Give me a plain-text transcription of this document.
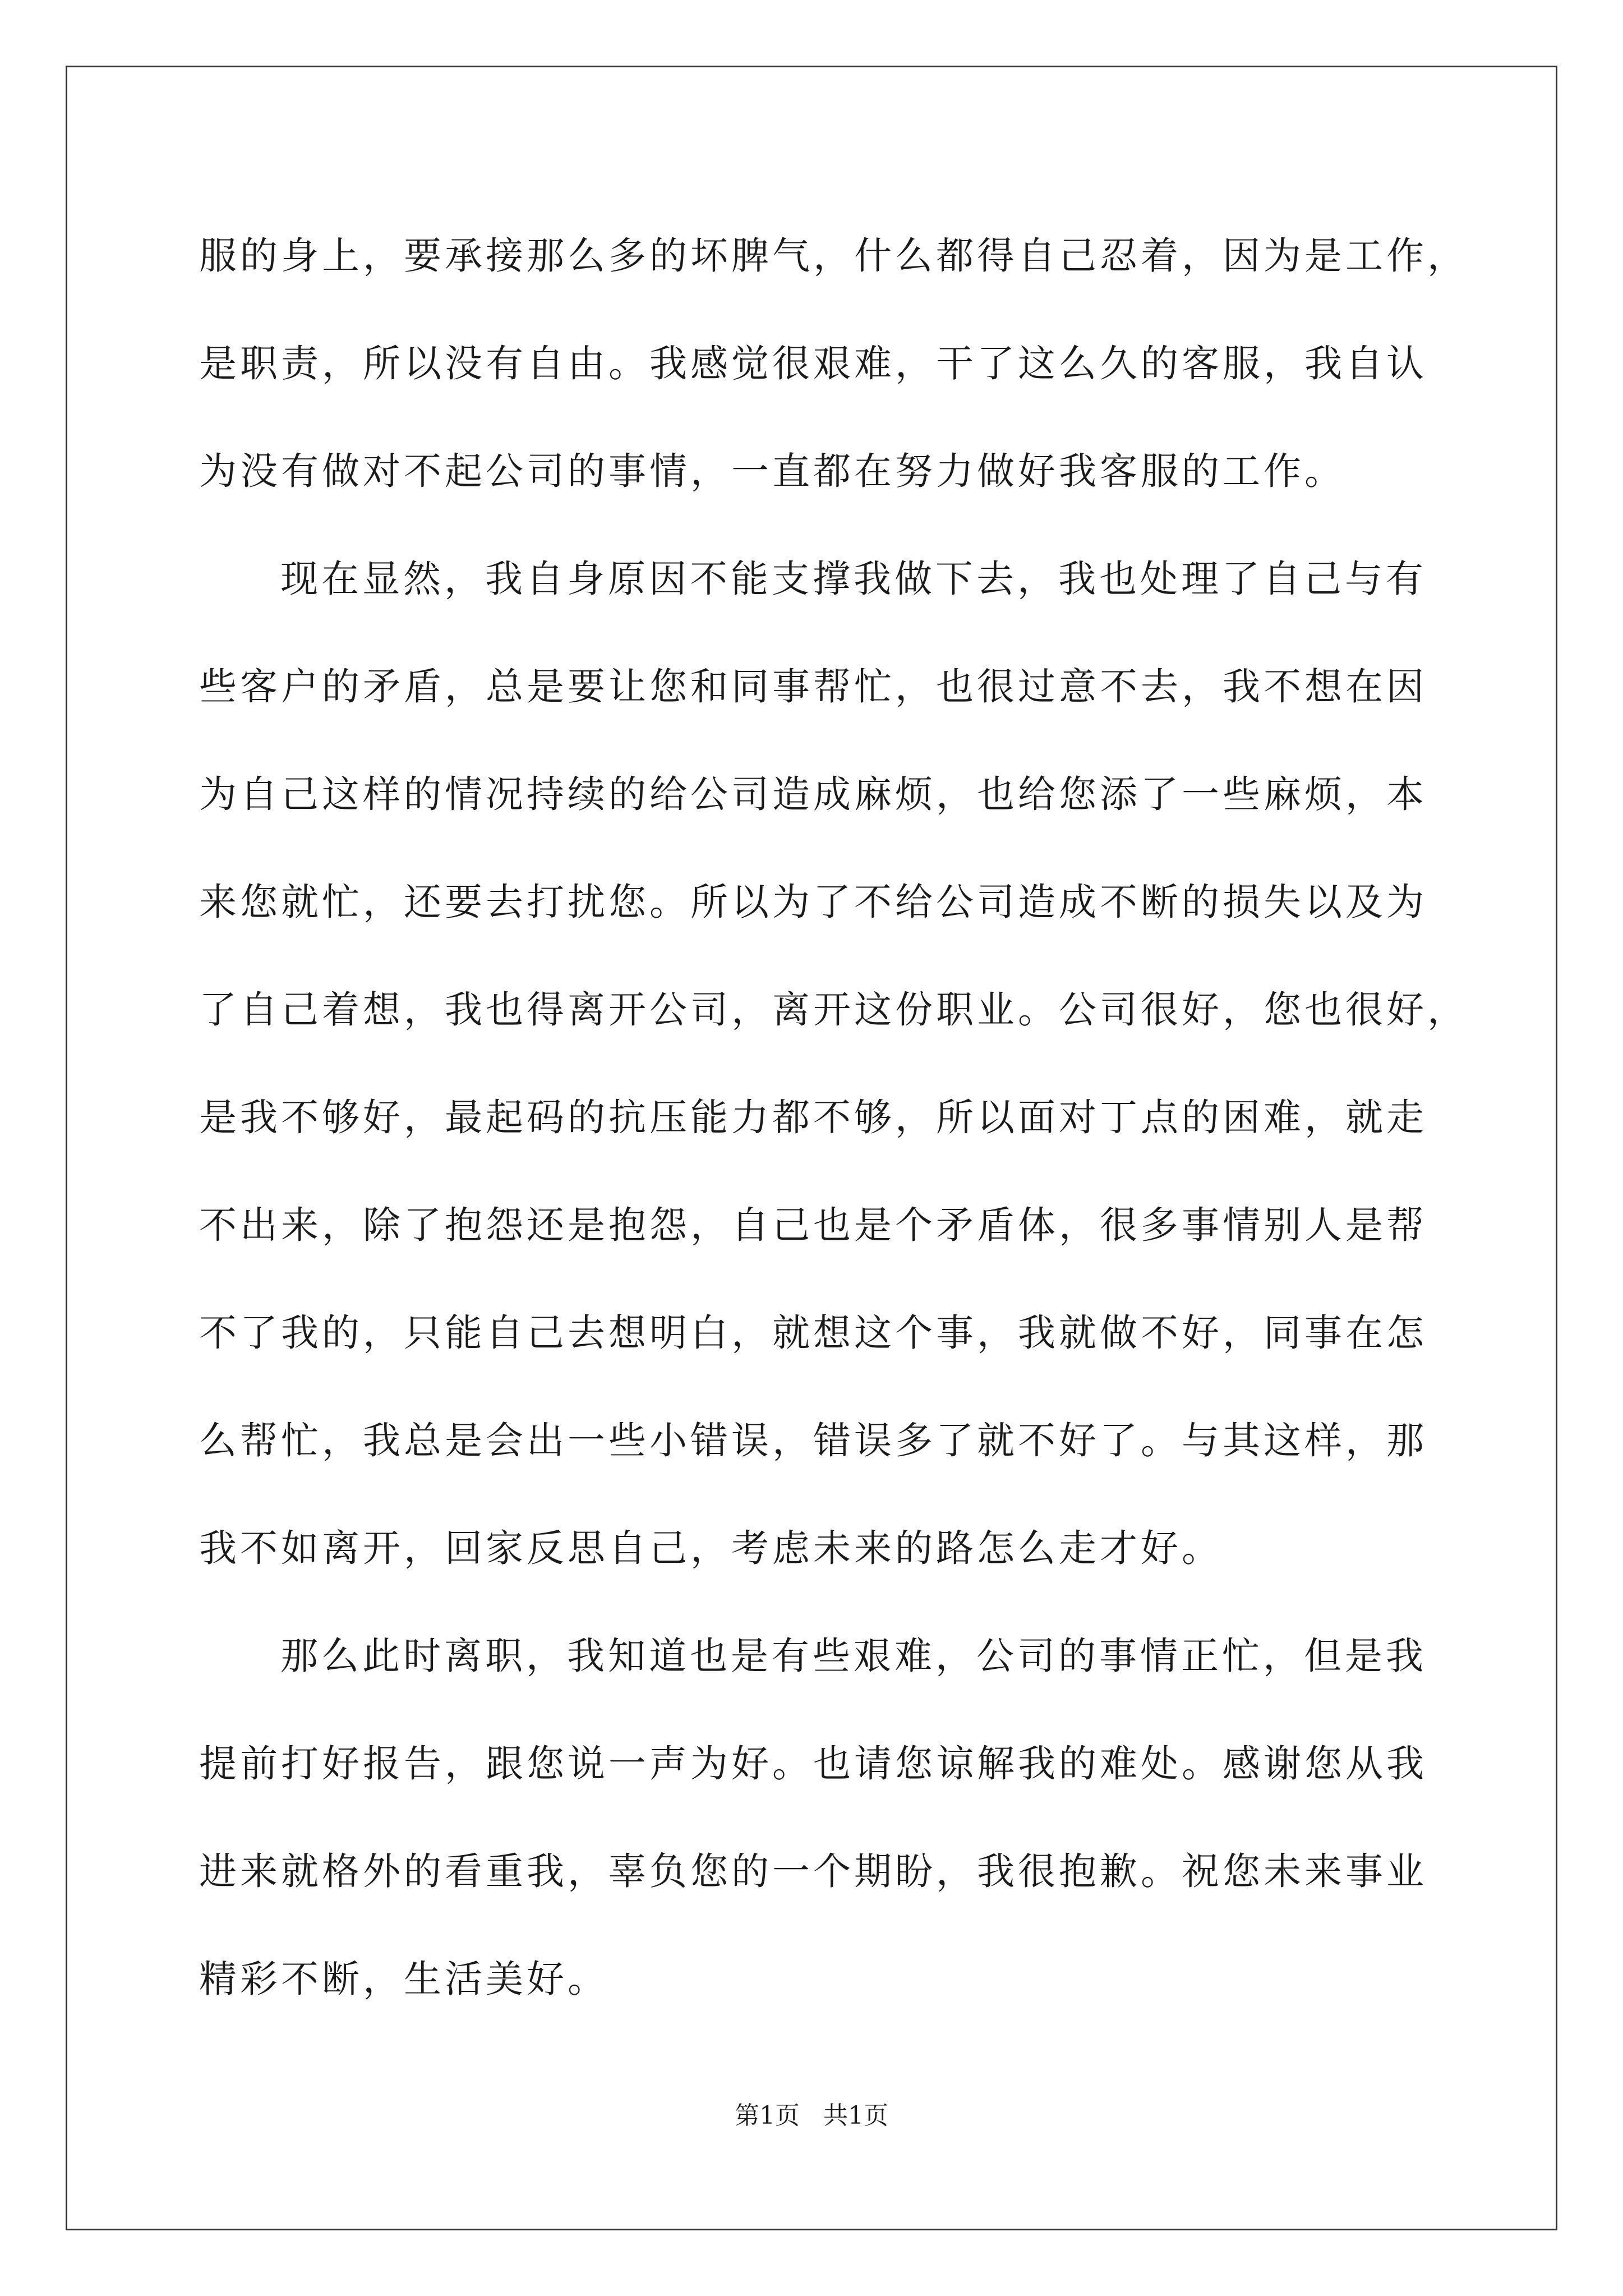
服的身上，要承接那么多的坏脾气，什么都得自己忍着，因为是工作，
是职责，所以没有自由。我感觉很艰难，干了这么久的客服，我自认
为没有做对不起公司的事情，一直都在努力做好我客服的工作。
现在显然，我自身原因不能支撑我做下去，我也处理了自己与有
些客户的矛盾，总是要让您和同事帮忙，也很过意不去，我不想在因
为自己这样的情况持续的给公司造成麻烦，也给您添了一些麻烦，本
来您就忙，还要去打扰您。所以为了不给公司造成不断的损失以及为
了自己着想，我也得离开公司，离开这份职业。公司很好，您也很好，
是我不够好，最起码的抗压能力都不够，所以面对丁点的困难，就走
不出来，除了抱怨还是抱怨，自己也是个矛盾体，很多事情别人是帮
不了我的，只能自己去想明白，就想这个事，我就做不好，同事在怎
么帮忙，我总是会出一些小错误，错误多了就不好了。与其这样，那
我不如离开，回家反思自己，考虑未来的路怎么走才好。
那么此时离职，我知道也是有些艰难，公司的事情正忙，但是我
提前打好报告，跟您说一声为好。也请您谅解我的难处。感谢您从我
进来就格外的看重我，辜负您的一个期盼，我很抱歉。祝您未来事业
精彩不断，生活美好。
第1页 共1页
